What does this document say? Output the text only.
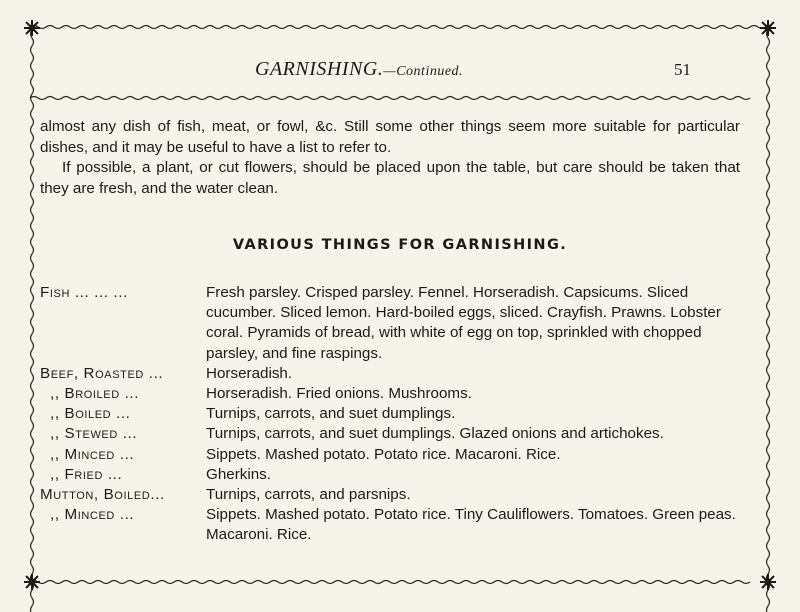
GARNISHING.—Continued.	51

almost any dish of fish, meat, or fowl, &c. Still some other things seem more suitable for particular dishes, and it may be useful to have a list to refer to.

If possible, a plant, or cut flowers, should be placed upon the table, but care should be taken that they are fresh, and the water clean.

VARIOUS THINGS FOR GARNISHING.
Fish ... ... ...	Fresh parsley. Crisped parsley. Fennel. Horseradish. Capsicums. Sliced cucumber. Sliced lemon. Hard-boiled eggs, sliced. Crayfish. Prawns. Lobster coral. Pyramids of bread, with white of egg on top, sprinkled with chopped parsley, and fine raspings.
Beef, Roasted ...	Horseradish.
,, Broiled ...	Horseradish. Fried onions. Mushrooms.
,, Boiled ...	Turnips, carrots, and suet dumplings.
,, Stewed ...	Turnips, carrots, and suet dumplings. Glazed onions and artichokes.
,, Minced ...	Sippets. Mashed potato. Potato rice. Macaroni. Rice.
,, Fried ...	Gherkins.
Mutton, Boiled...	Turnips, carrots, and parsnips.
,, Minced ...	Sippets. Mashed potato. Potato rice. Tiny Cauliflowers. Tomatoes. Green peas. Macaroni. Rice.
